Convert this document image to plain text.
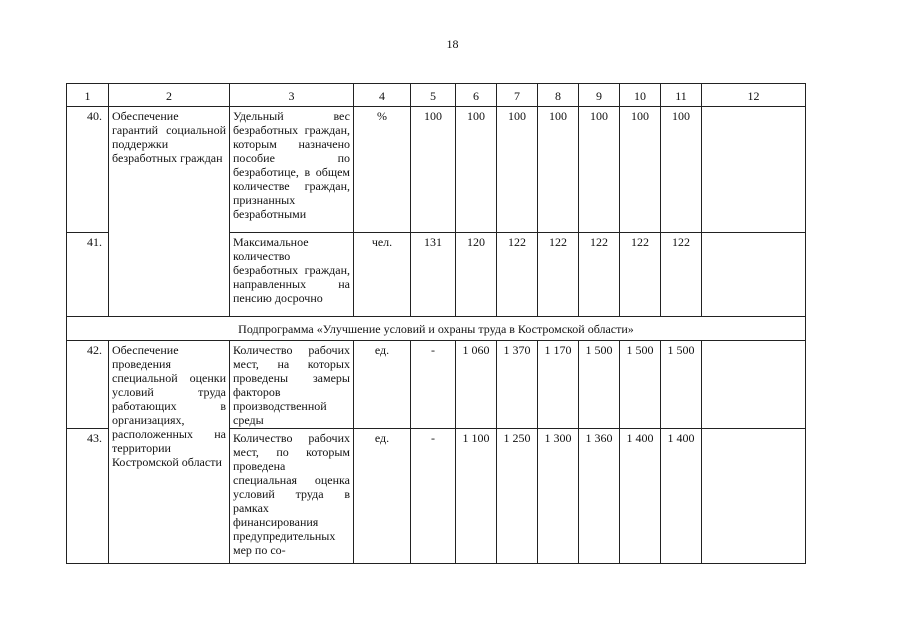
18
1	2	3	4	5	6	7	8	9	10	11	12
40.	Обеспечение гарантий социальной поддержки безработных граждан	Удельный вес безработных граждан, которым назначено пособие по безработице, в общем количестве граждан, признанных безработными	%	100	100	100	100	100	100	100	
41.		Максимальное количество безработных граждан, направленных на пенсию досрочно	чел.	131	120	122	122	122	122	122	
Подпрограмма «Улучшение условий и охраны труда в Костромской области»											
42.	Обеспечение проведения специальной оценки условий труда работающих в организациях, расположенных на территории Костромской области	Количество рабочих мест, на которых проведены замеры факторов производственной среды	ед.	-	1 060	1 370	1 170	1 500	1 500	1 500	
43.		Количество рабочих мест, по которым проведена специальная оценка условий труда в рамках финансирования предупредительных мер по со-	ед.	-	1 100	1 250	1 300	1 360	1 400	1 400	
